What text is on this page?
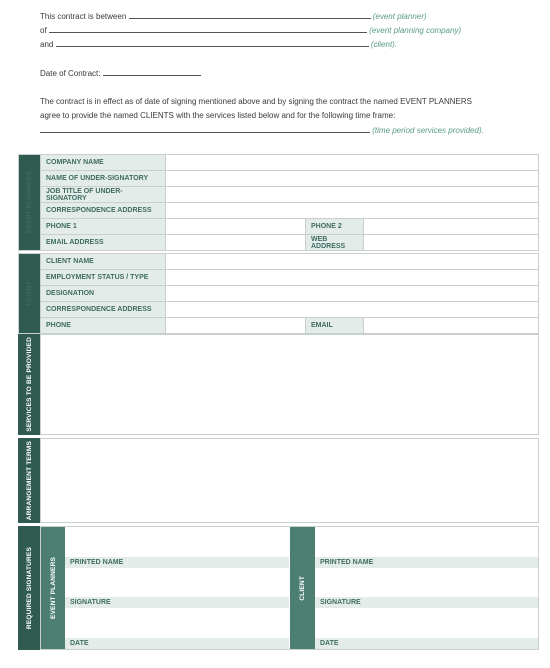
This contract is between	(event planner)
of	(event planning company)
and	(client).
Date of Contract:
The contract is in effect as of date of signing mentioned above and by signing the contract the named EVENT PLANNERS
agree to provide the named CLIENTS with the services listed below and for the following time frame:
(time period services provided).
EVENT PLANNERS	COMPANY NAME			
	NAME OF UNDER-SIGNATORY			
	JOB TITLE OF UNDER-SIGNATORY			
	CORRESPONDENCE ADDRESS			
	PHONE 1		PHONE 2	
	EMAIL ADDRESS		WEB ADDRESS	
CLIENT	CLIENT NAME			
	EMPLOYMENT STATUS / TYPE			
	DESIGNATION			
	CORRESPONDENCE ADDRESS			
	PHONE		EMAIL	
SERVICES TO BE PROVIDED
ARRANGEMENT TERMS
REQUIRED SIGNATURES	EVENT PLANNERS	PRINTED NAME
SIGNATURE
DATE
CLIENT
PRINTED NAME
SIGNATURE
DATE
